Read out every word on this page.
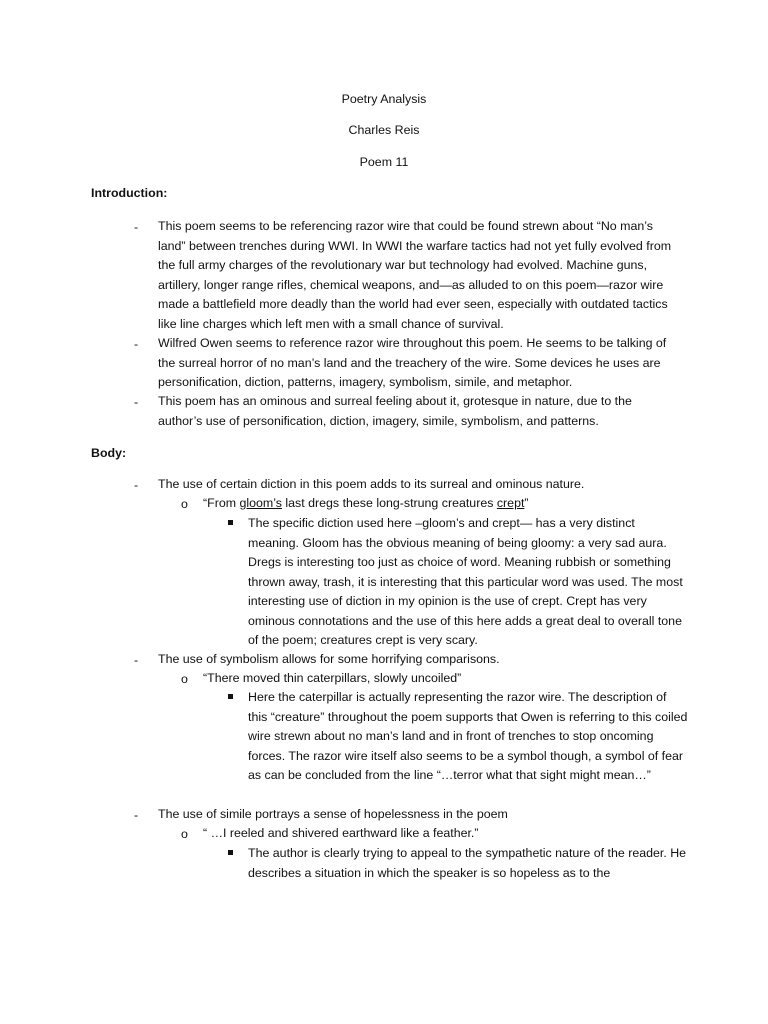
Poetry Analysis
Charles Reis
Poem 11
Introduction:
- This poem seems to be referencing razor wire that could be found strewn about “No man’s land” between trenches during WWI. In WWI the warfare tactics had not yet fully evolved from the full army charges of the revolutionary war but technology had evolved. Machine guns, artillery, longer range rifles, chemical weapons, and—as alluded to on this poem—razor wire made a battlefield more deadly than the world had ever seen, especially with outdated tactics like line charges which left men with a small chance of survival.
- Wilfred Owen seems to reference razor wire throughout this poem. He seems to be talking of the surreal horror of no man’s land and the treachery of the wire. Some devices he uses are personification, diction, patterns, imagery, symbolism, simile, and metaphor.
- This poem has an ominous and surreal feeling about it, grotesque in nature, due to the author’s use of personification, diction, imagery, simile, symbolism, and patterns.
Body:
- The use of certain diction in this poem adds to its surreal and ominous nature.
o “From gloom’s last dregs these long-strung creatures crept”
The specific diction used here –gloom’s and crept— has a very distinct meaning. Gloom has the obvious meaning of being gloomy: a very sad aura. Dregs is interesting too just as choice of word. Meaning rubbish or something thrown away, trash, it is interesting that this particular word was used. The most interesting use of diction in my opinion is the use of crept. Crept has very ominous connotations and the use of this here adds a great deal to overall tone of the poem; creatures crept is very scary.
- The use of symbolism allows for some horrifying comparisons.
o “There moved thin caterpillars, slowly uncoiled”
Here the caterpillar is actually representing the razor wire. The description of this “creature” throughout the poem supports that Owen is referring to this coiled wire strewn about no man’s land and in front of trenches to stop oncoming forces. The razor wire itself also seems to be a symbol though, a symbol of fear as can be concluded from the line “…terror what that sight might mean…”
- The use of simile portrays a sense of hopelessness in the poem
o “ …I reeled and shivered earthward like a feather.”
The author is clearly trying to appeal to the sympathetic nature of the reader. He describes a situation in which the speaker is so hopeless as to the
